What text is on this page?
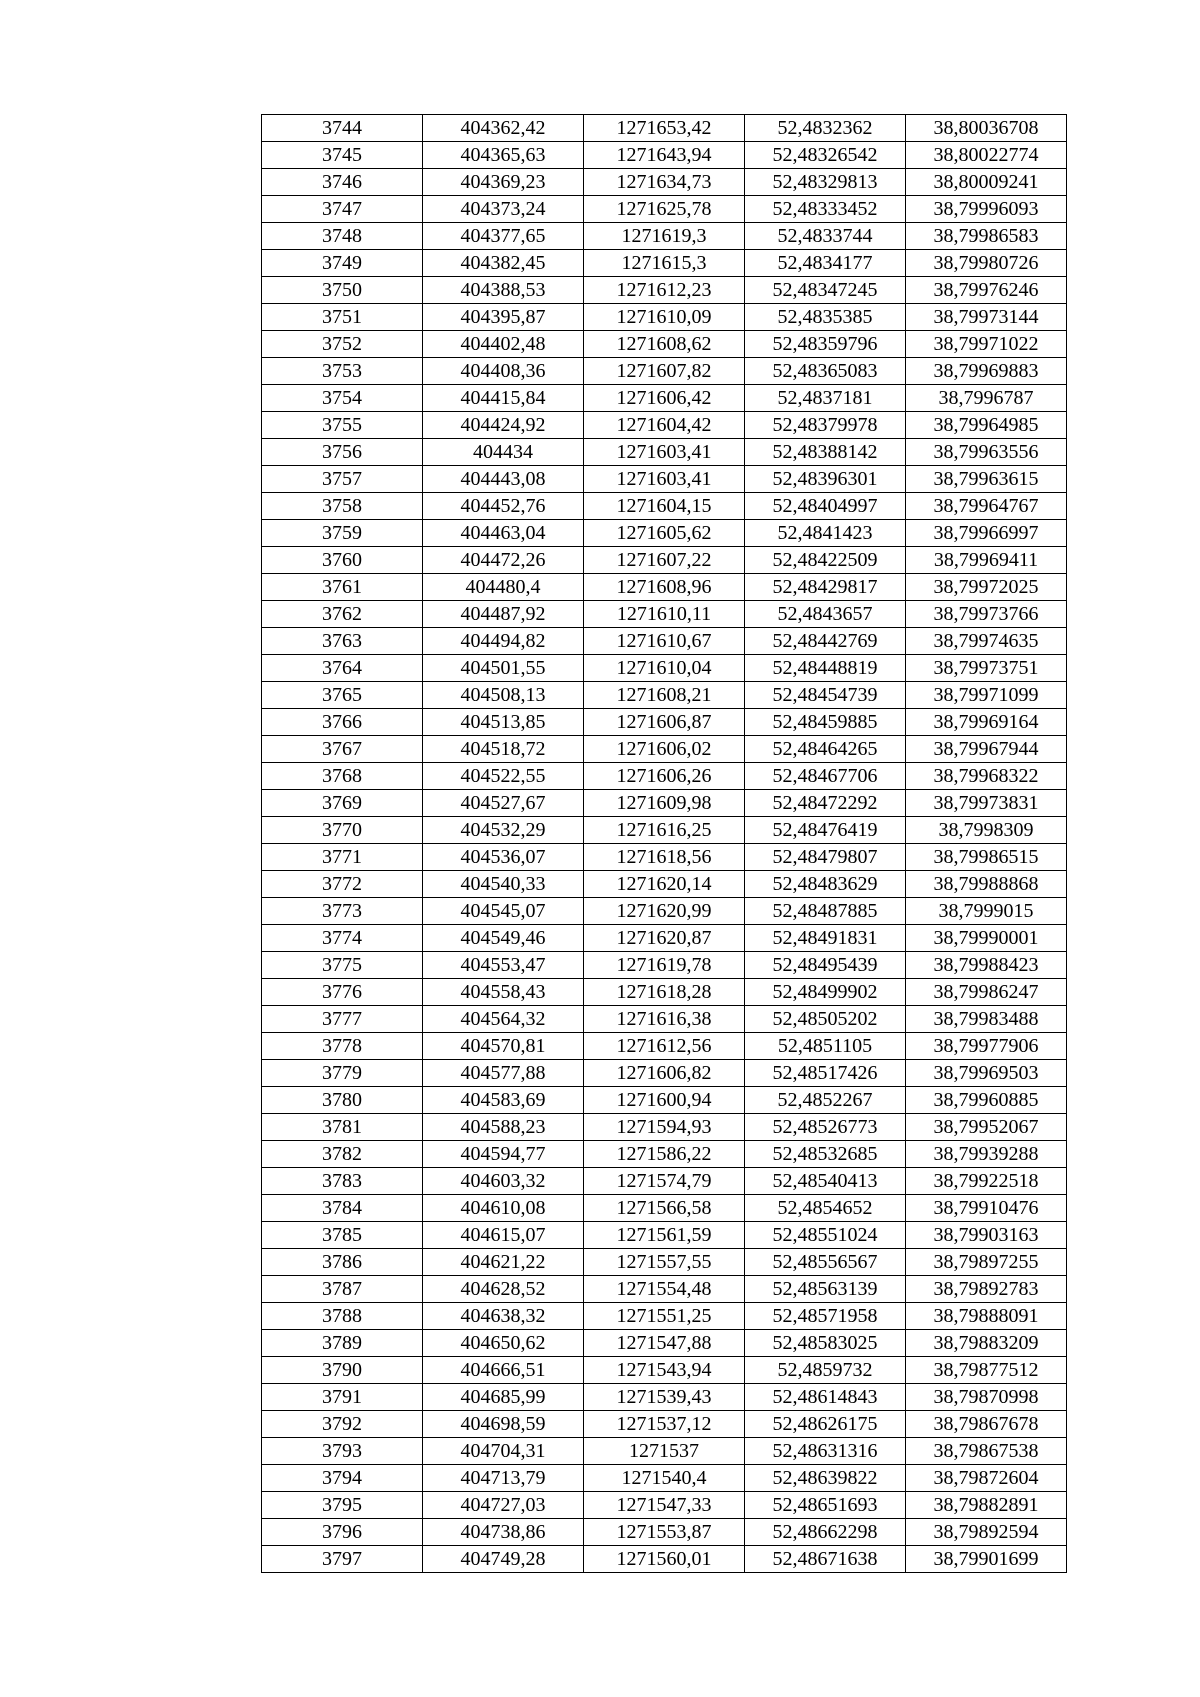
3744	404362,42	1271653,42	52,4832362	38,80036708
3745	404365,63	1271643,94	52,48326542	38,80022774
3746	404369,23	1271634,73	52,48329813	38,80009241
3747	404373,24	1271625,78	52,48333452	38,79996093
3748	404377,65	1271619,3	52,4833744	38,79986583
3749	404382,45	1271615,3	52,4834177	38,79980726
3750	404388,53	1271612,23	52,48347245	38,79976246
3751	404395,87	1271610,09	52,4835385	38,79973144
3752	404402,48	1271608,62	52,48359796	38,79971022
3753	404408,36	1271607,82	52,48365083	38,79969883
3754	404415,84	1271606,42	52,4837181	38,7996787
3755	404424,92	1271604,42	52,48379978	38,79964985
3756	404434	1271603,41	52,48388142	38,79963556
3757	404443,08	1271603,41	52,48396301	38,79963615
3758	404452,76	1271604,15	52,48404997	38,79964767
3759	404463,04	1271605,62	52,4841423	38,79966997
3760	404472,26	1271607,22	52,48422509	38,79969411
3761	404480,4	1271608,96	52,48429817	38,79972025
3762	404487,92	1271610,11	52,4843657	38,79973766
3763	404494,82	1271610,67	52,48442769	38,79974635
3764	404501,55	1271610,04	52,48448819	38,79973751
3765	404508,13	1271608,21	52,48454739	38,79971099
3766	404513,85	1271606,87	52,48459885	38,79969164
3767	404518,72	1271606,02	52,48464265	38,79967944
3768	404522,55	1271606,26	52,48467706	38,79968322
3769	404527,67	1271609,98	52,48472292	38,79973831
3770	404532,29	1271616,25	52,48476419	38,7998309
3771	404536,07	1271618,56	52,48479807	38,79986515
3772	404540,33	1271620,14	52,48483629	38,79988868
3773	404545,07	1271620,99	52,48487885	38,7999015
3774	404549,46	1271620,87	52,48491831	38,79990001
3775	404553,47	1271619,78	52,48495439	38,79988423
3776	404558,43	1271618,28	52,48499902	38,79986247
3777	404564,32	1271616,38	52,48505202	38,79983488
3778	404570,81	1271612,56	52,4851105	38,79977906
3779	404577,88	1271606,82	52,48517426	38,79969503
3780	404583,69	1271600,94	52,4852267	38,79960885
3781	404588,23	1271594,93	52,48526773	38,79952067
3782	404594,77	1271586,22	52,48532685	38,79939288
3783	404603,32	1271574,79	52,48540413	38,79922518
3784	404610,08	1271566,58	52,4854652	38,79910476
3785	404615,07	1271561,59	52,48551024	38,79903163
3786	404621,22	1271557,55	52,48556567	38,79897255
3787	404628,52	1271554,48	52,48563139	38,79892783
3788	404638,32	1271551,25	52,48571958	38,79888091
3789	404650,62	1271547,88	52,48583025	38,79883209
3790	404666,51	1271543,94	52,4859732	38,79877512
3791	404685,99	1271539,43	52,48614843	38,79870998
3792	404698,59	1271537,12	52,48626175	38,79867678
3793	404704,31	1271537	52,48631316	38,79867538
3794	404713,79	1271540,4	52,48639822	38,79872604
3795	404727,03	1271547,33	52,48651693	38,79882891
3796	404738,86	1271553,87	52,48662298	38,79892594
3797	404749,28	1271560,01	52,48671638	38,79901699
